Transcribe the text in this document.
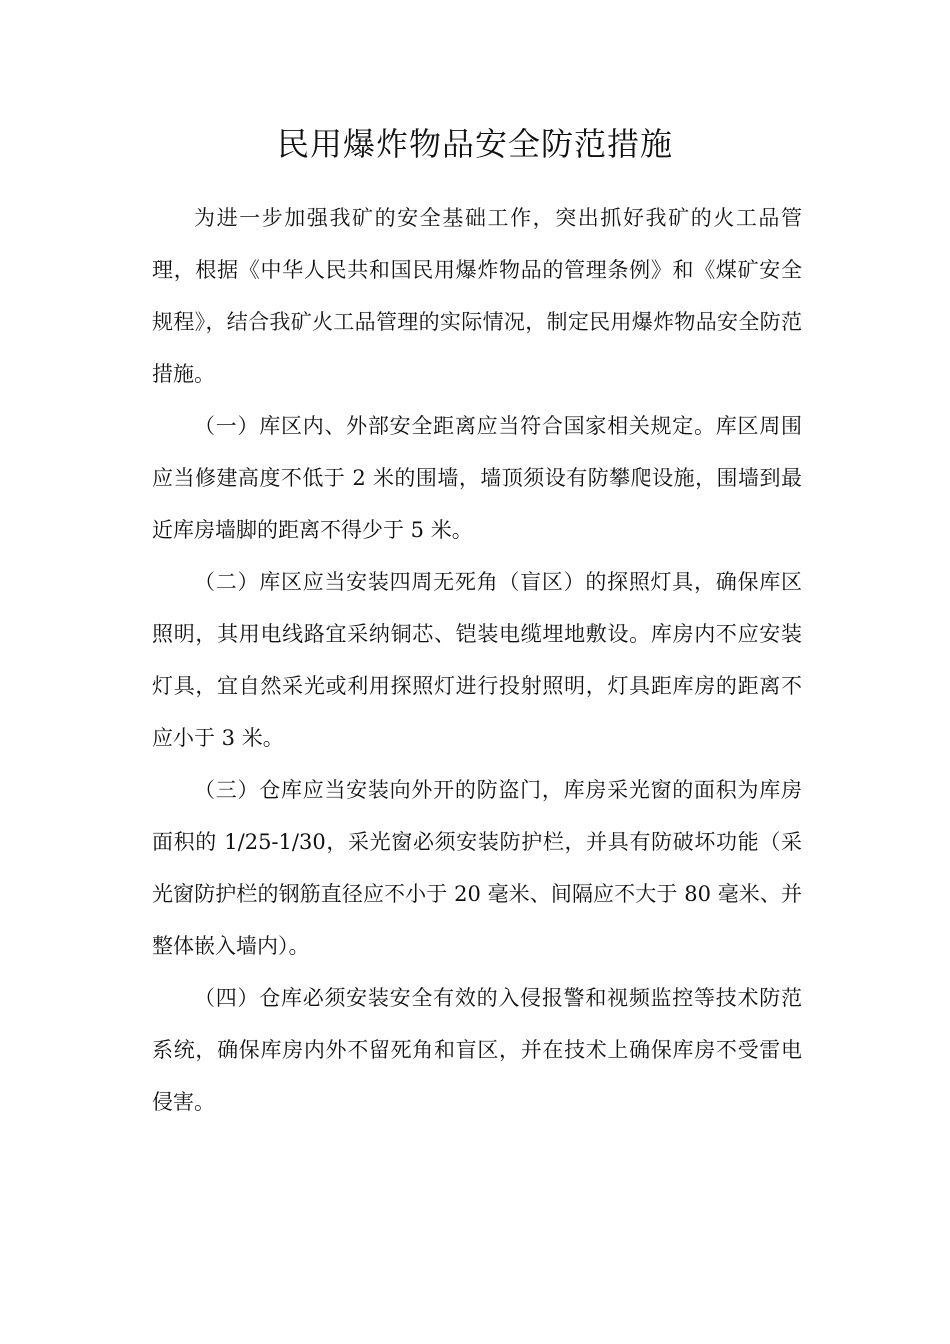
民用爆炸物品安全防范措施

为进一步加强我矿的安全基础工作，突出抓好我矿的火工品管理，根据《中华人民共和国民用爆炸物品的管理条例》和《煤矿安全规程》，结合我矿火工品管理的实际情况，制定民用爆炸物品安全防范措施。

（一）库区内、外部安全距离应当符合国家相关规定。库区周围应当修建高度不低于 2 米的围墙，墙顶须设有防攀爬设施，围墙到最近库房墙脚的距离不得少于 5 米。

（二）库区应当安装四周无死角（盲区）的探照灯具，确保库区照明，其用电线路宜采纳铜芯、铠装电缆埋地敷设。库房内不应安装灯具，宜自然采光或利用探照灯进行投射照明，灯具距库房的距离不应小于 3 米。

（三）仓库应当安装向外开的防盗门，库房采光窗的面积为库房面积的 1/25-1/30，采光窗必须安装防护栏，并具有防破坏功能（采光窗防护栏的钢筋直径应不小于 20 毫米、间隔应不大于 80 毫米、并整体嵌入墙内）。

（四）仓库必须安装安全有效的入侵报警和视频监控等技术防范系统，确保库房内外不留死角和盲区，并在技术上确保库房不受雷电侵害。
